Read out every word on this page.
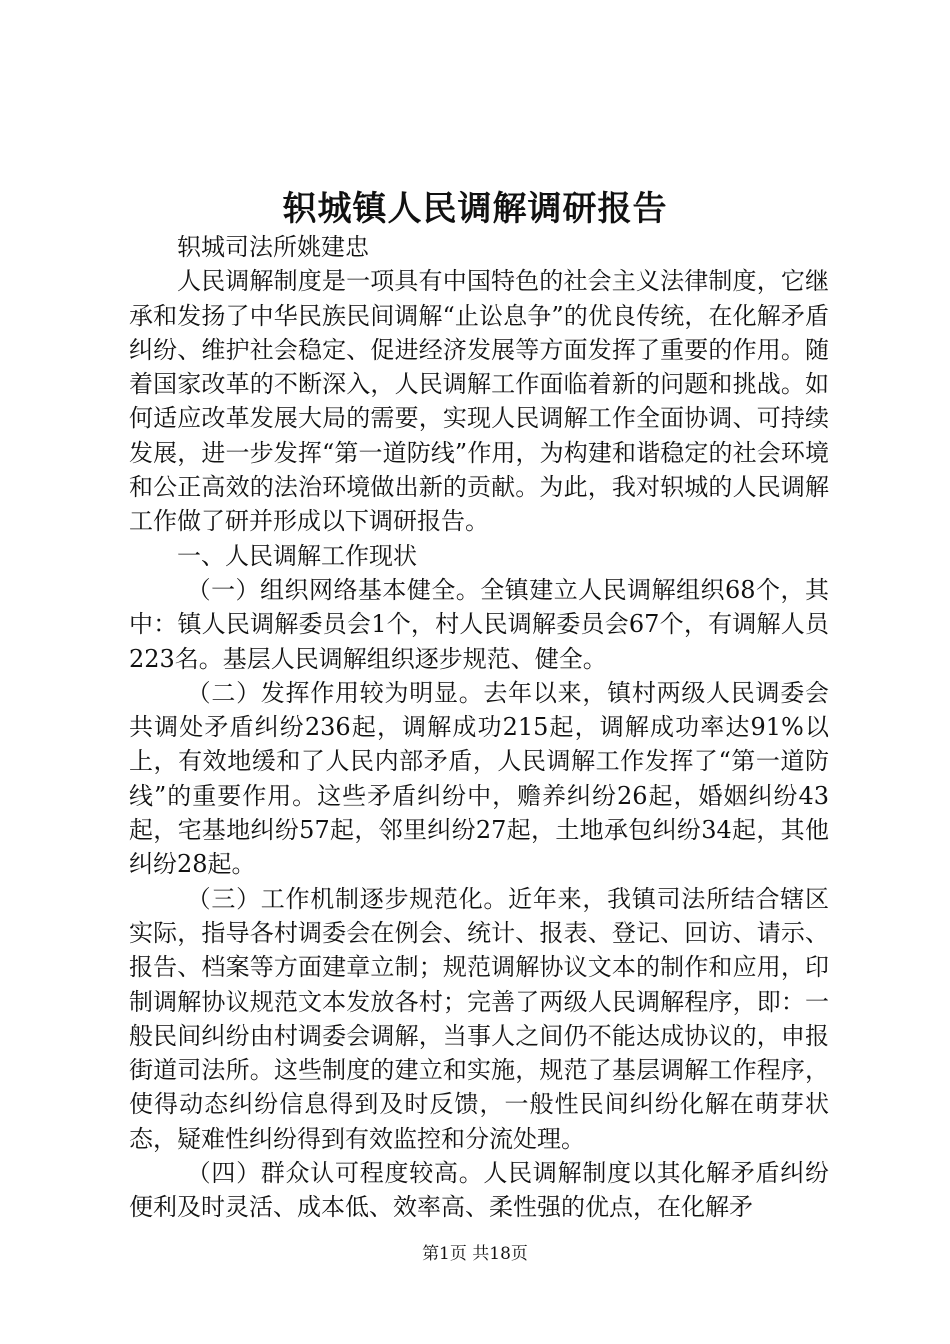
轵城镇人民调解调研报告

轵城司法所姚建忠

人民调解制度是一项具有中国特色的社会主义法律制度，它继承和发扬了中华民族民间调解“止讼息争”的优良传统，在化解矛盾纠纷、维护社会稳定、促进经济发展等方面发挥了重要的作用。随着国家改革的不断深入，人民调解工作面临着新的问题和挑战。如何适应改革发展大局的需要，实现人民调解工作全面协调、可持续发展，进一步发挥“第一道防线”作用，为构建和谐稳定的社会环境和公正高效的法治环境做出新的贡献。为此，我对轵城的人民调解工作做了研并形成以下调研报告。

一、人民调解工作现状

（一）组织网络基本健全。全镇建立人民调解组织68个，其中：镇人民调解委员会1个，村人民调解委员会67个，有调解人员223名。基层人民调解组织逐步规范、健全。

（二）发挥作用较为明显。去年以来，镇村两级人民调委会共调处矛盾纠纷236起，调解成功215起，调解成功率达91%以上，有效地缓和了人民内部矛盾，人民调解工作发挥了“第一道防线”的重要作用。这些矛盾纠纷中，赡养纠纷26起，婚姻纠纷43起，宅基地纠纷57起，邻里纠纷27起，土地承包纠纷34起，其他纠纷28起。

（三）工作机制逐步规范化。近年来，我镇司法所结合辖区实际，指导各村调委会在例会、统计、报表、登记、回访、请示、报告、档案等方面建章立制；规范调解协议文本的制作和应用，印制调解协议规范文本发放各村；完善了两级人民调解程序，即：一般民间纠纷由村调委会调解，当事人之间仍不能达成协议的，申报街道司法所。这些制度的建立和实施，规范了基层调解工作程序，使得动态纠纷信息得到及时反馈，一般性民间纠纷化解在萌芽状态，疑难性纠纷得到有效监控和分流处理。

（四）群众认可程度较高。人民调解制度以其化解矛盾纠纷便利及时灵活、成本低、效率高、柔性强的优点，在化解矛

第1页 共18页
